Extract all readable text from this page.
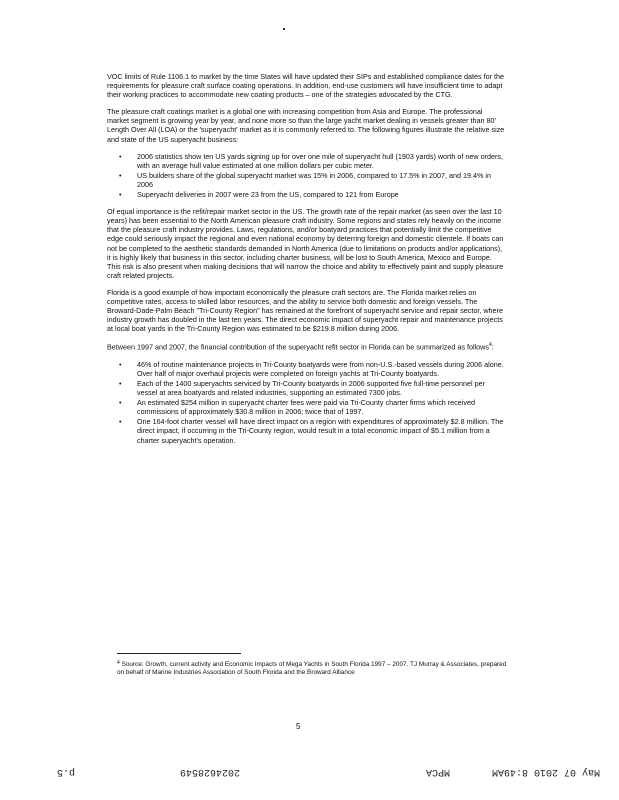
VOC limits of Rule 1106.1 to market by the time States will have updated their SIPs and established compliance dates for the requirements for pleasure craft surface coating operations. In addition, end-use customers will have insufficient time to adapt their working practices to accommodate new coating products – one of the strategies advocated by the CTG.

The pleasure craft coatings market is a global one with increasing competition from Asia and Europe. The professional market segment is growing year by year, and none more so than the large yacht market dealing in vessels greater than 80' Length Over All (LOA) or the 'superyacht' market as it is commonly referred to. The following figures illustrate the relative size and state of the US superyacht business:

• 2006 statistics show ten US yards signing up for over one mile of superyacht hull (1903 yards) worth of new orders, with an average hull value estimated at one million dollars per cubic meter.
• US builders share of the global superyacht market was 15% in 2006, compared to 17.5% in 2007, and 19.4% in 2006
• Superyacht deliveries in 2007 were 23 from the US, compared to 121 from Europe

Of equal importance is the refit/repair market sector in the US. The growth rate of the repair market (as seen over the last 10 years) has been essential to the North American pleasure craft industry. Some regions and states rely heavily on the income that the pleasure craft industry provides. Laws, regulations, and/or boatyard practices that potentially limit the competitive edge could seriously impact the regional and even national economy by deterring foreign and domestic clientele. If boats can not be completed to the aesthetic standards demanded in North America (due to limitations on products and/or applications), it is highly likely that business in this sector, including charter business, will be lost to South America, Mexico and Europe. This risk is also present when making decisions that will narrow the choice and ability to effectively paint and supply pleasure craft related projects.

Florida is a good example of how important economically the pleasure craft sectors are. The Florida market relies on competitive rates, access to skilled labor resources, and the ability to service both domestic and foreign vessels. The Broward-Dade-Palm Beach "Tri-County Region" has remained at the forefront of superyacht service and repair sector, where industry growth has doubled in the last ten years. The direct economic impact of superyacht repair and maintenance projects at local boat yards in the Tri-County Region was estimated to be $219.8 million during 2006.

Between 1997 and 2007, the financial contribution of the superyacht refit sector in Florida can be summarized as follows$^4$:

• 46% of routine maintenance projects in Tri-County boatyards were from non-U.S.-based vessels during 2006 alone. Over half of major overhaul projects were completed on foreign yachts at Tri-County boatyards.
• Each of the 1400 superyachts serviced by Tri-County boatyards in 2006 supported five full-time personnel per vessel at area boatyards and related industries, supporting an estimated 7300 jobs.
• An estimated $254 million in superyacht charter fees were paid via Tri-County charter firms which received commissions of approximately $30.8 million in 2006; twice that of 1997.
• One 164-foot charter vessel will have direct impact on a region with expenditures of approximately $2.8 million. The direct impact, if occurring in the Tri-County region, would result in a total economic impact of $5.1 million from a charter superyacht's operation.
$^4$ Source: Growth, current activity and Economic Impacts of Mega Yachts in South Florida 1997 – 2007. TJ Murray & Associates, prepared on behalf of Marine Industries Association of South Florida and the Broward Alliance
5
May 07 2010 8:49AM
MPCA
2024628549
p.5
